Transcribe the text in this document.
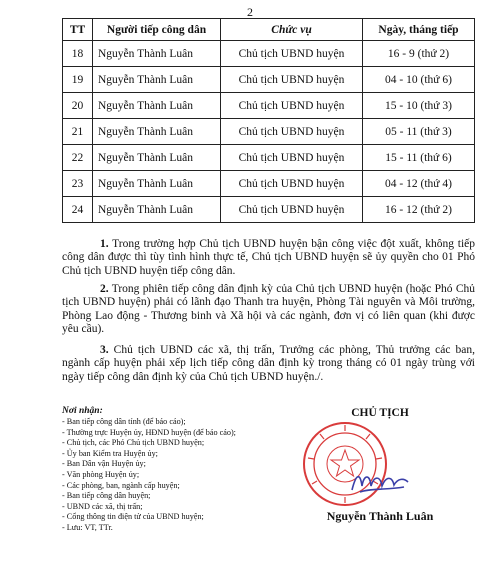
2
TT	Người tiếp công dân	Chức vụ	Ngày, tháng tiếp
18	Nguyễn Thành Luân	Chủ tịch UBND huyện	16 - 9 (thứ 2)
19	Nguyễn Thành Luân	Chủ tịch UBND huyện	04 - 10 (thứ 6)
20	Nguyễn Thành Luân	Chủ tịch UBND huyện	15 - 10 (thứ 3)
21	Nguyễn Thành Luân	Chủ tịch UBND huyện	05 - 11 (thứ 3)
22	Nguyễn Thành Luân	Chủ tịch UBND huyện	15 - 11 (thứ 6)
23	Nguyễn Thành Luân	Chủ tịch UBND huyện	04 - 12 (thứ 4)
24	Nguyễn Thành Luân	Chủ tịch UBND huyện	16 - 12 (thứ 2)

1. Trong trường hợp Chủ tịch UBND huyện bận công việc đột xuất, không tiếp công dân được thì tùy tình hình thực tế, Chủ tịch UBND huyện sẽ ủy quyền cho 01 Phó Chủ tịch UBND huyện tiếp công dân.

2. Trong phiên tiếp công dân định kỳ của Chủ tịch UBND huyện (hoặc Phó Chủ tịch UBND huyện) phải có lãnh đạo Thanh tra huyện, Phòng Tài nguyên và Môi trường, Phòng Lao động - Thương binh và Xã hội và các ngành, đơn vị có liên quan (khi được yêu cầu).

3. Chủ tịch UBND các xã, thị trấn, Trưởng các phòng, Thủ trưởng các ban, ngành cấp huyện phải xếp lịch tiếp công dân định kỳ trong tháng có 01 ngày trùng với ngày tiếp công dân định kỳ của Chủ tịch UBND huyện./.

Nơi nhận:
- Ban tiếp công dân tỉnh (để báo cáo);
- Thường trực Huyện ủy, HĐND huyện (để báo cáo);
- Chủ tịch, các Phó Chủ tịch UBND huyện;
- Ủy ban Kiểm tra Huyện ủy;
- Ban Dân vận Huyện ủy;
- Văn phòng Huyện ủy;
- Các phòng, ban, ngành cấp huyện;
- Ban tiếp công dân huyện;
- UBND các xã, thị trấn;
- Cổng thông tin điện tử của UBND huyện;
- Lưu: VT, TTr.
CHỦ TỊCH
Nguyễn Thành Luân
